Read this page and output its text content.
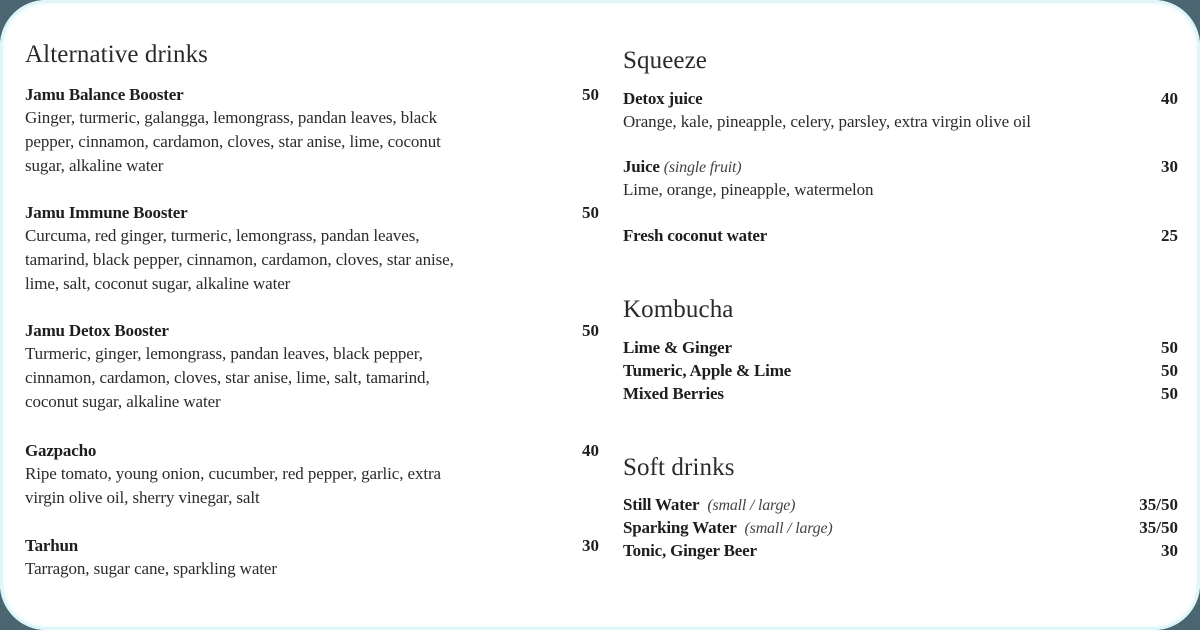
Alternative drinks
Jamu Balance Booster	50

Ginger, turmeric, galangga, lemongrass, pandan leaves, black pepper, cinnamon, cardamon, cloves, star anise, lime, coconut sugar, alkaline water

Jamu Immune Booster	50

Curcuma, red ginger, turmeric, lemongrass, pandan leaves, tamarind, black pepper, cinnamon, cardamon, cloves, star anise, lime, salt, coconut sugar, alkaline water

Jamu Detox Booster	50

Turmeric, ginger, lemongrass, pandan leaves, black pepper, cinnamon, cardamon, cloves, star anise, lime, salt, tamarind, coconut sugar, alkaline water

Gazpacho	40

Ripe tomato, young onion, cucumber, red pepper, garlic, extra virgin olive oil, sherry vinegar, salt

Tarhun	30

Tarragon, sugar cane, sparkling water

Squeeze
Detox juice	40

Orange, kale, pineapple, celery, parsley, extra virgin olive oil

Juice (single fruit)	30

Lime, orange, pineapple, watermelon

Fresh coconut water	25
Kombucha
Lime & Ginger	50
Tumeric, Apple & Lime	50
Mixed Berries	50
Soft drinks
Still Water (small / large)	35/50
Sparking Water (small / large)	35/50
Tonic, Ginger Beer	30
